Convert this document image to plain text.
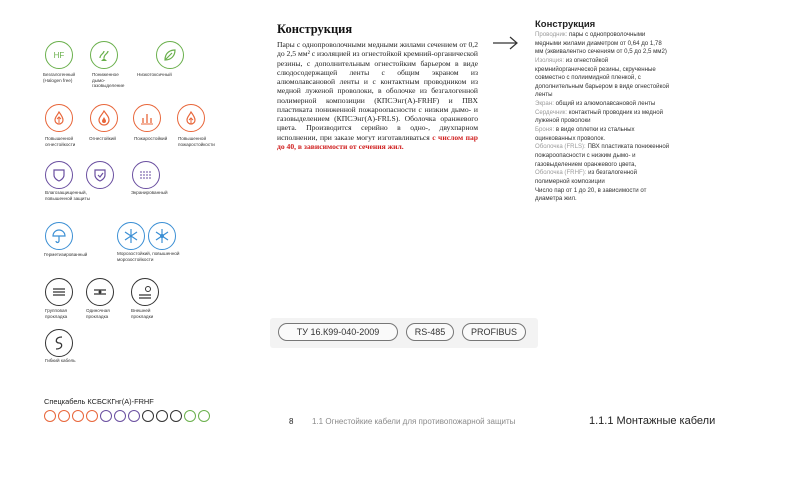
HF
Безгалогенный (Halogen free)
Пониженное дымо-газовыделение
Низкотоксичный
Повышенной огнестойкости
Огнестойкий	Пожаростойкий	Повышенной пожаростойкости
Влагозащищенный, повышенной защиты
Экранированный
Герметизированный	Морозостойкий, повышенной морозостойкости
Групповая прокладка
Одиночная прокладка
Внешней прокладки
Гибкий кабель
Конструкция
Пары с однопроволочными медными жилами сечением от 0,2 до 2,5 мм² с изоляцией из огнестойкой кремний-органической резины, с дополнительным огнестойким барьером в виде слюдосодержащей ленты с общим экраном из алюмолавсановой ленты и с контактным проводником из медной луженой проволоки, в оболочке из безгалогенной полимерной композиции (КПСЭнг(А)-FRHF) и ПВХ пластиката пониженной пожароопасности с низким дымо- и газовыделением (КПСЭнг(А)-FRLS). Оболочка оранжевого цвета. Производится серийно в одно-, двухпарном исполнении, при заказе могут изготавливаться с числом пар до 40, в зависимости от сечения жил.
Конструкция

Проводник: пары с однопроволочными медными жилами диаметром от 0,64 до 1,78 мм (эквивалентно сечениям от 0,5 до 2,5 мм2)

Изоляция: из огнестойкой кремнийорганической резины, скрученные совместно с полиимидной пленкой, с дополнительным барьером в виде огнестойкой ленты

Экран: общий из алюмолавсановой ленты

Сердечник: контактный проводник из медной луженой проволоки

Броня: в виде оплетки из стальных оцинкованных проволок.

Оболочка (FRLS): ПВХ пластиката пониженной пожароопасности с низким дымо- и газовыделением оранжевого цвета,

Оболочка (FRHF): из безгалогенной полимерной композиции

Число пар от 1 до 20, в зависимости от диаметра жил.

ТУ 16.К99-040-2009	RS-485	PROFIBUS
Спецкабель КСБСКГнг(А)-FRHF
8 1.1 Огнестойкие кабели для противопожарной защиты	1.1.1 Монтажные кабели
